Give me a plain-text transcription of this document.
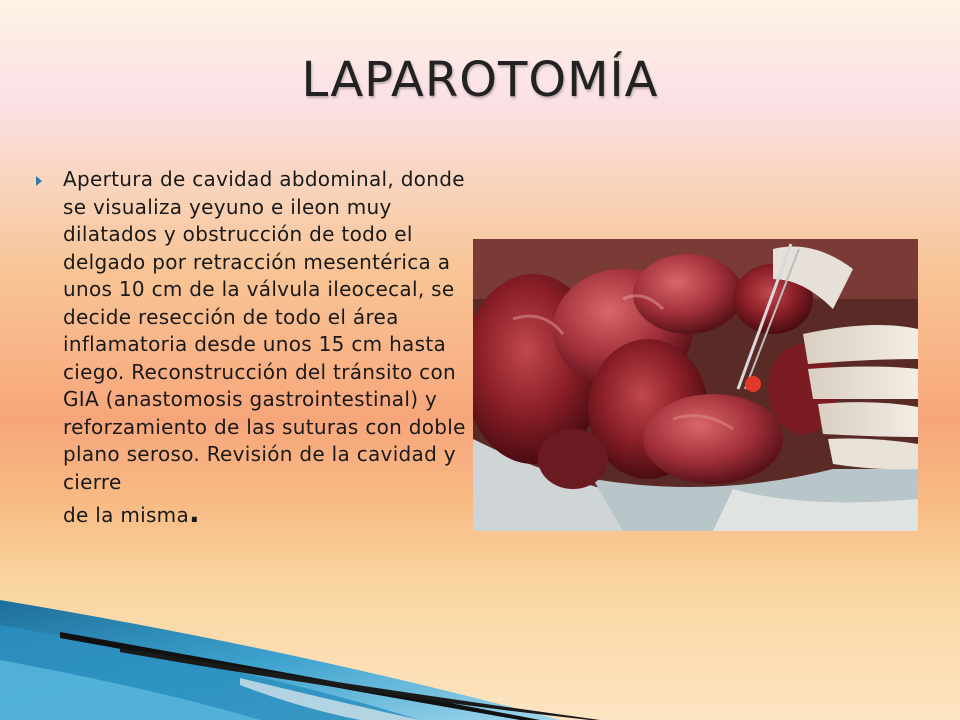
LAPAROTOMÍA

Apertura de cavidad abdominal, donde se visualiza yeyuno e ileon muy dilatados y obstrucción de todo el delgado por retracción mesentérica a unos 10 cm de la válvula ileocecal, se decide resección de todo el área inflamatoria desde unos 15 cm hasta ciego. Reconstrucción del tránsito con GIA (anastomosis gastrointestinal) y reforzamiento de las suturas con doble plano seroso. Revisión de la cavidad y cierre
de la misma.
